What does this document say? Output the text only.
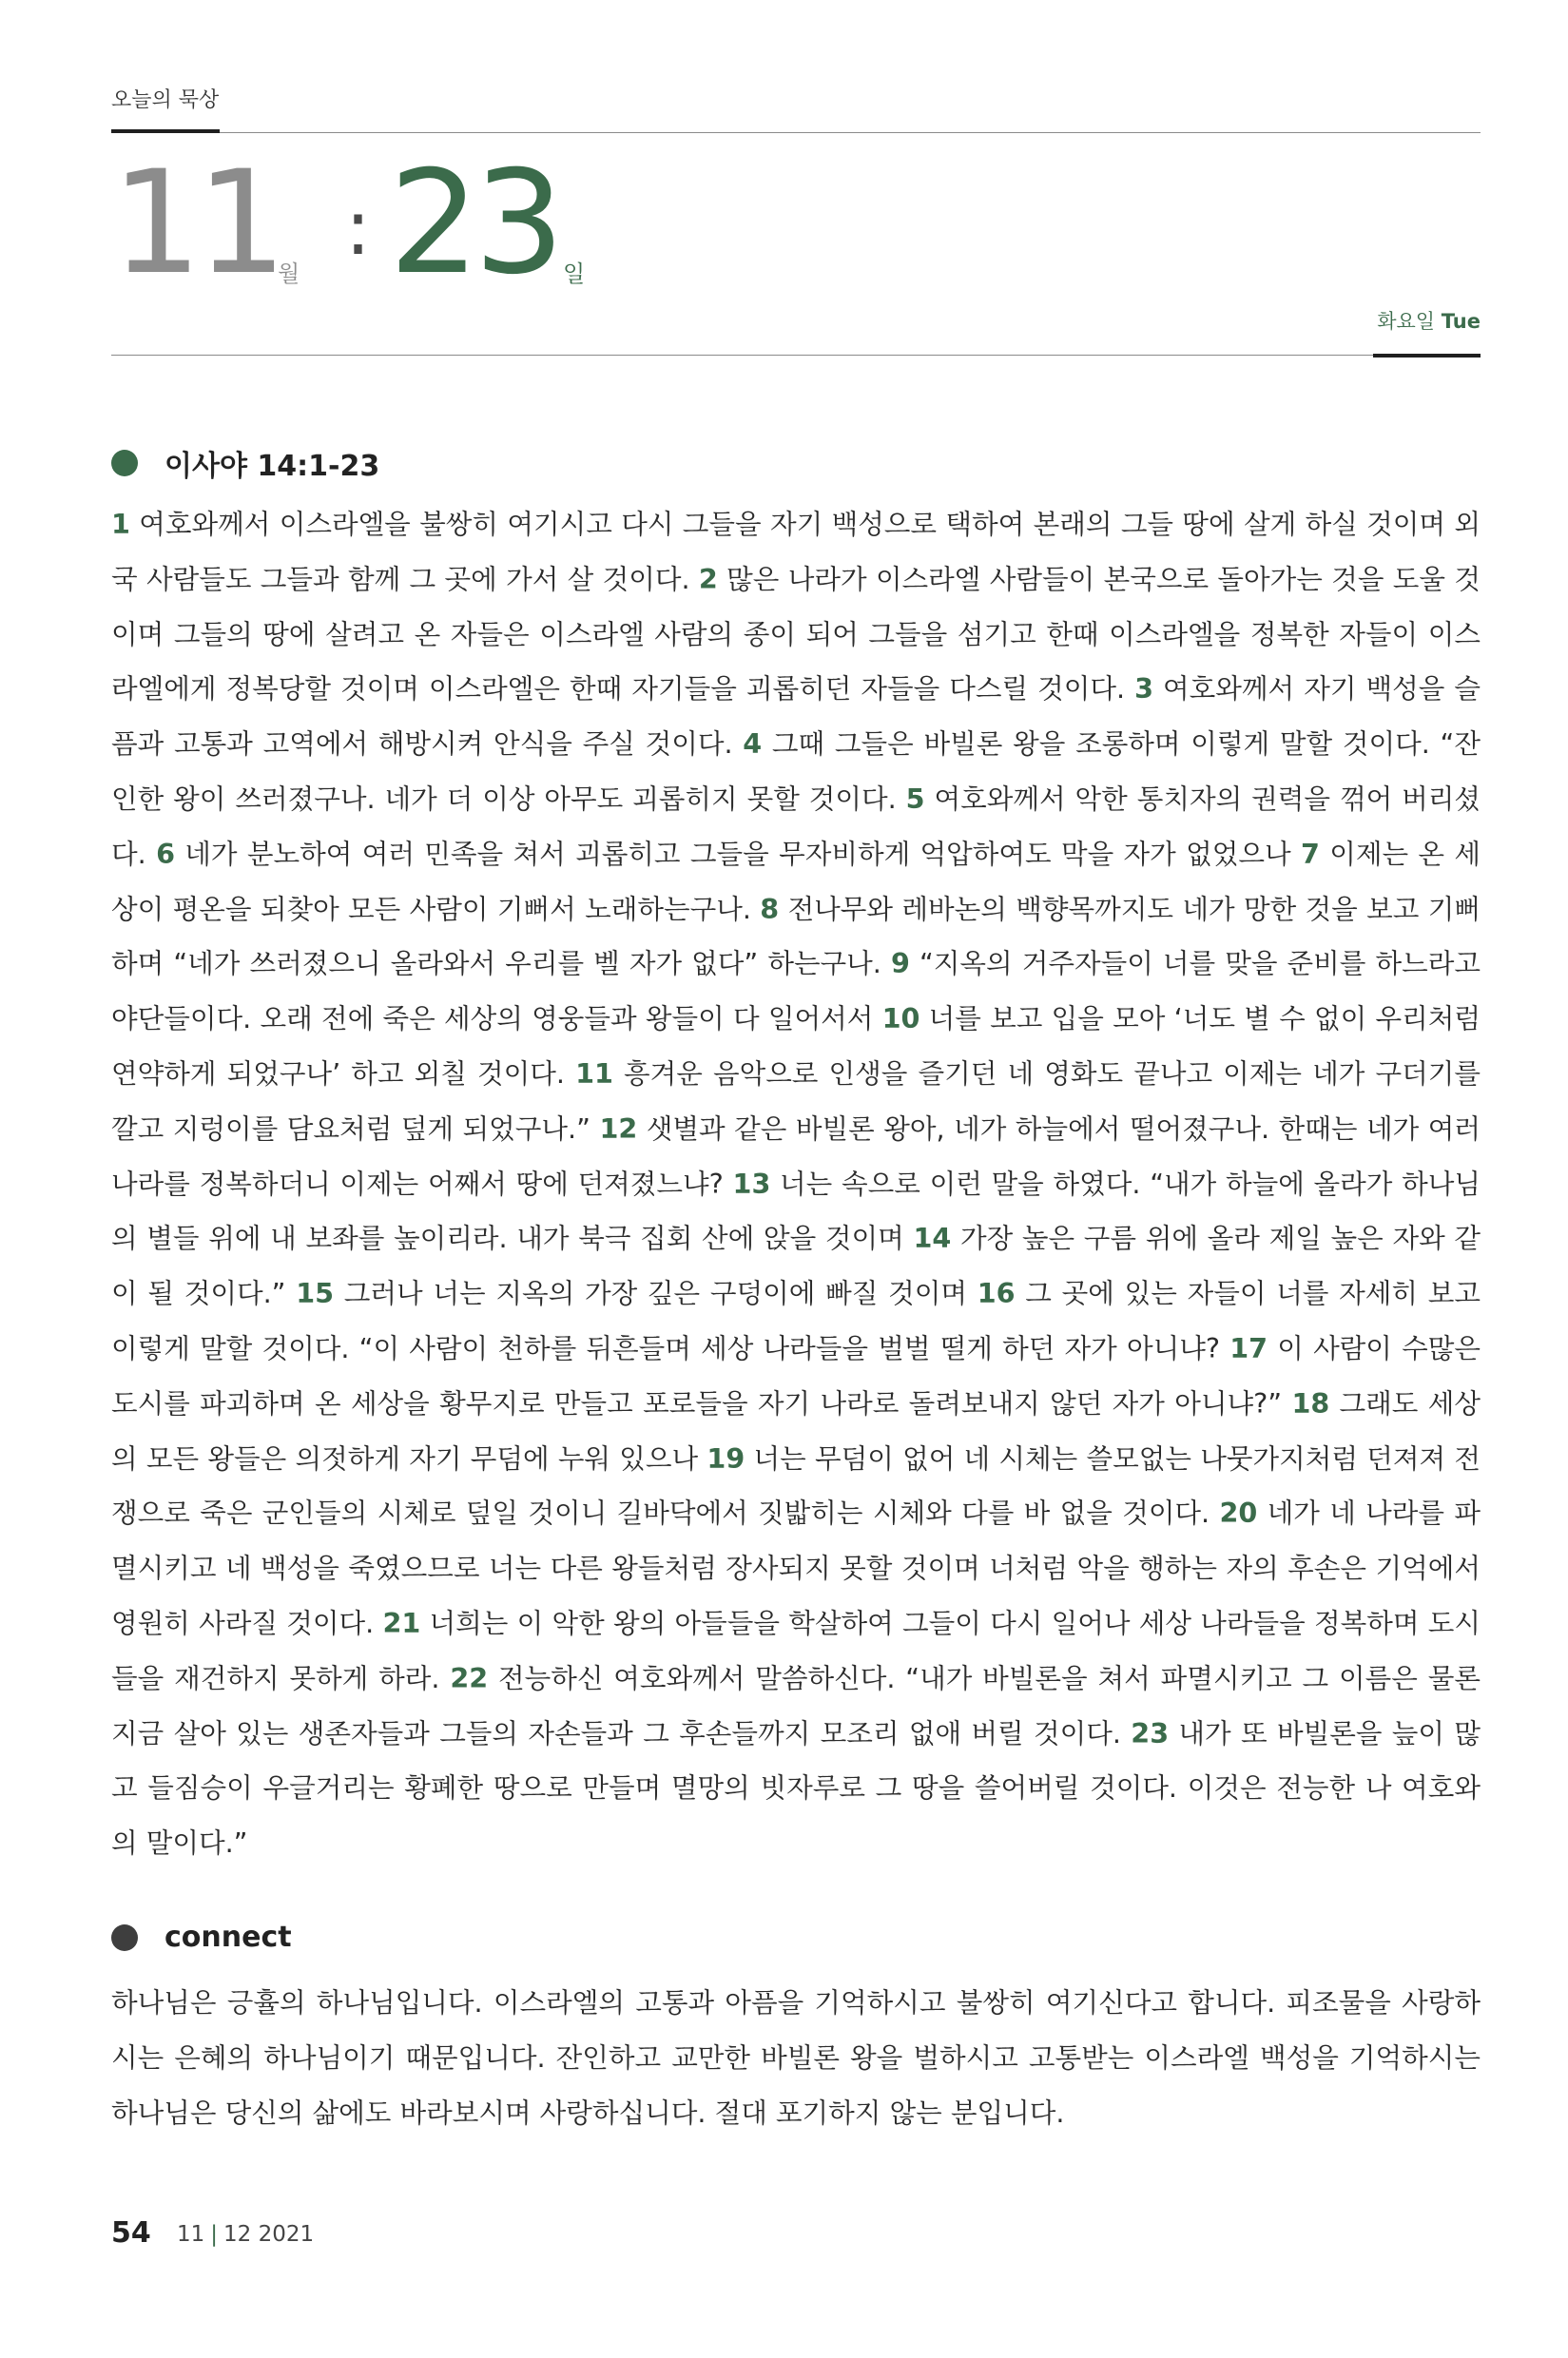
오늘의 묵상
11
월
: 23 일
화요일 Tue
이사야 14:1-23
1 여호와께서 이스라엘을 불쌍히 여기시고 다시 그들을 자기 백성으로 택하여 본래의 그들 땅에 살게 하실 것이며 외국 사람들도 그들과 함께 그 곳에 가서 살 것이다. 2 많은 나라가 이스라엘 사람들이 본국으로 돌아가는 것을 도울 것이며 그들의 땅에 살려고 온 자들은 이스라엘 사람의 종이 되어 그들을 섬기고 한때 이스라엘을 정복한 자들이 이스라엘에게 정복당할 것이며 이스라엘은 한때 자기들을 괴롭히던 자들을 다스릴 것이다. 3 여호와께서 자기 백성을 슬픔과 고통과 고역에서 해방시켜 안식을 주실 것이다. 4 그때 그들은 바빌론 왕을 조롱하며 이렇게 말할 것이다. “잔인한 왕이 쓰러졌구나. 네가 더 이상 아무도 괴롭히지 못할 것이다. 5 여호와께서 악한 통치자의 권력을 꺾어 버리셨다. 6 네가 분노하여 여러 민족을 쳐서 괴롭히고 그들을 무자비하게 억압하여도 막을 자가 없었으나 7 이제는 온 세상이 평온을 되찾아 모든 사람이 기뻐서 노래하는구나. 8 전나무와 레바논의 백향목까지도 네가 망한 것을 보고 기뻐하며 “네가 쓰러졌으니 올라와서 우리를 벨 자가 없다” 하는구나. 9 “지옥의 거주자들이 너를 맞을 준비를 하느라고 야단들이다. 오래 전에 죽은 세상의 영웅들과 왕들이 다 일어서서 10 너를 보고 입을 모아 ‘너도 별 수 없이 우리처럼 연약하게 되었구나’ 하고 외칠 것이다. 11 흥겨운 음악으로 인생을 즐기던 네 영화도 끝나고 이제는 네가 구더기를 깔고 지렁이를 담요처럼 덮게 되었구나.” 12 샛별과 같은 바빌론 왕아, 네가 하늘에서 떨어졌구나. 한때는 네가 여러 나라를 정복하더니 이제는 어째서 땅에 던져졌느냐? 13 너는 속으로 이런 말을 하였다. “내가 하늘에 올라가 하나님의 별들 위에 내 보좌를 높이리라. 내가 북극 집회 산에 앉을 것이며 14 가장 높은 구름 위에 올라 제일 높은 자와 같이 될 것이다.” 15 그러나 너는 지옥의 가장 깊은 구덩이에 빠질 것이며 16 그 곳에 있는 자들이 너를 자세히 보고 이렇게 말할 것이다. “이 사람이 천하를 뒤흔들며 세상 나라들을 벌벌 떨게 하던 자가 아니냐? 17 이 사람이 수많은 도시를 파괴하며 온 세상을 황무지로 만들고 포로들을 자기 나라로 돌려보내지 않던 자가 아니냐?” 18 그래도 세상의 모든 왕들은 의젓하게 자기 무덤에 누워 있으나 19 너는 무덤이 없어 네 시체는 쓸모없는 나뭇가지처럼 던져져 전쟁으로 죽은 군인들의 시체로 덮일 것이니 길바닥에서 짓밟히는 시체와 다를 바 없을 것이다. 20 네가 네 나라를 파멸시키고 네 백성을 죽였으므로 너는 다른 왕들처럼 장사되지 못할 것이며 너처럼 악을 행하는 자의 후손은 기억에서 영원히 사라질 것이다. 21 너희는 이 악한 왕의 아들들을 학살하여 그들이 다시 일어나 세상 나라들을 정복하며 도시들을 재건하지 못하게 하라. 22 전능하신 여호와께서 말씀하신다. “내가 바빌론을 쳐서 파멸시키고 그 이름은 물론 지금 살아 있는 생존자들과 그들의 자손들과 그 후손들까지 모조리 없애 버릴 것이다. 23 내가 또 바빌론을 늪이 많고 들짐승이 우글거리는 황폐한 땅으로 만들며 멸망의 빗자루로 그 땅을 쓸어버릴 것이다. 이것은 전능한 나 여호와의 말이다.”
connect
하나님은 긍휼의 하나님입니다. 이스라엘의 고통과 아픔을 기억하시고 불쌍히 여기신다고 합니다. 피조물을 사랑하시는 은혜의 하나님이기 때문입니다. 잔인하고 교만한 바빌론 왕을 벌하시고 고통받는 이스라엘 백성을 기억하시는 하나님은 당신의 삶에도 바라보시며 사랑하십니다. 절대 포기하지 않는 분입니다.
54 11 | 12 2021
